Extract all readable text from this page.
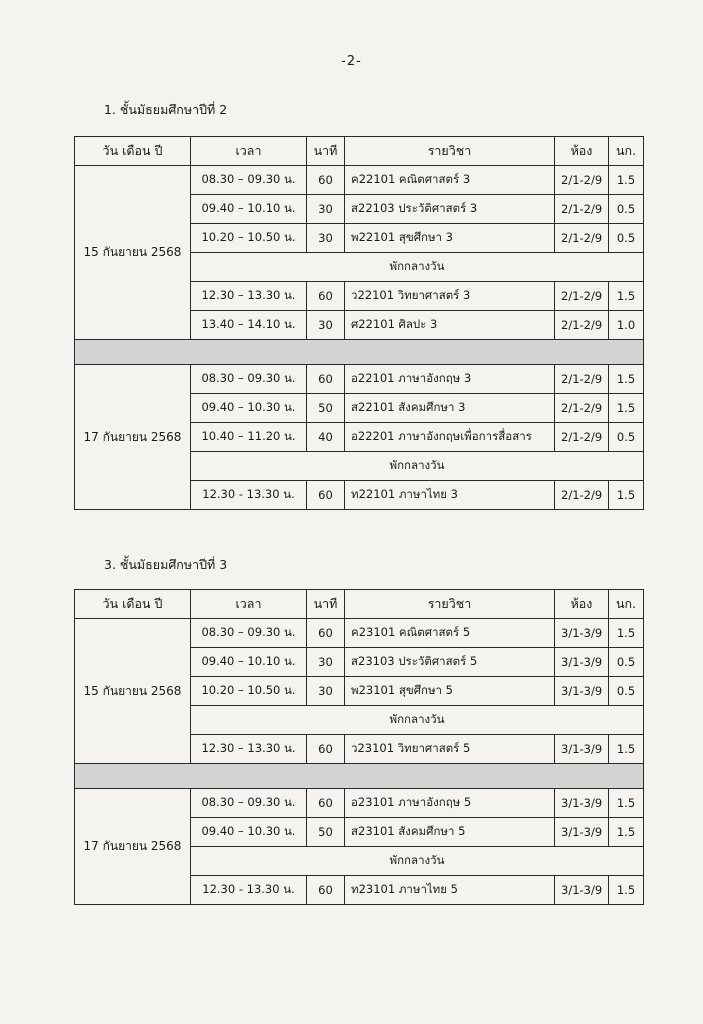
-2-
1. ชั้นมัธยมศึกษาปีที่ 2
วัน เดือน ปี	เวลา	นาที	รายวิชา	ห้อง	นก.
15 กันยายน 2568	08.30 – 09.30 น.	60	ค22101 คณิตศาสตร์ 3	2/1-2/9	1.5
	09.40 – 10.10 น.	30	ส22103 ประวัติศาสตร์ 3	2/1-2/9	0.5
	10.20 – 10.50 น.	30	พ22101 สุขศึกษา 3	2/1-2/9	0.5
	พักกลางวัน				
	12.30 – 13.30 น.	60	ว22101 วิทยาศาสตร์ 3	2/1-2/9	1.5
	13.40 – 14.10 น.	30	ศ22101 ศิลปะ 3	2/1-2/9	1.0

17 กันยายน 2568	08.30 – 09.30 น.	60	อ22101 ภาษาอังกฤษ 3	2/1-2/9	1.5
	09.40 – 10.30 น.	50	ส22101 สังคมศึกษา 3	2/1-2/9	1.5
	10.40 – 11.20 น.	40	อ22201 ภาษาอังกฤษเพื่อการสื่อสาร	2/1-2/9	0.5
	พักกลางวัน				
	12.30 - 13.30 น.	60	ท22101 ภาษาไทย 3	2/1-2/9	1.5
3. ชั้นมัธยมศึกษาปีที่ 3
วัน เดือน ปี	เวลา	นาที	รายวิชา	ห้อง	นก.
15 กันยายน 2568	08.30 – 09.30 น.	60	ค23101 คณิตศาสตร์ 5	3/1-3/9	1.5
	09.40 – 10.10 น.	30	ส23103 ประวัติศาสตร์ 5	3/1-3/9	0.5
	10.20 – 10.50 น.	30	พ23101 สุขศึกษา 5	3/1-3/9	0.5
	พักกลางวัน				
	12.30 – 13.30 น.	60	ว23101 วิทยาศาสตร์ 5	3/1-3/9	1.5

17 กันยายน 2568	08.30 – 09.30 น.	60	อ23101 ภาษาอังกฤษ 5	3/1-3/9	1.5
	09.40 – 10.30 น.	50	ส23101 สังคมศึกษา 5	3/1-3/9	1.5
	พักกลางวัน				
	12.30 - 13.30 น.	60	ท23101 ภาษาไทย 5	3/1-3/9	1.5
